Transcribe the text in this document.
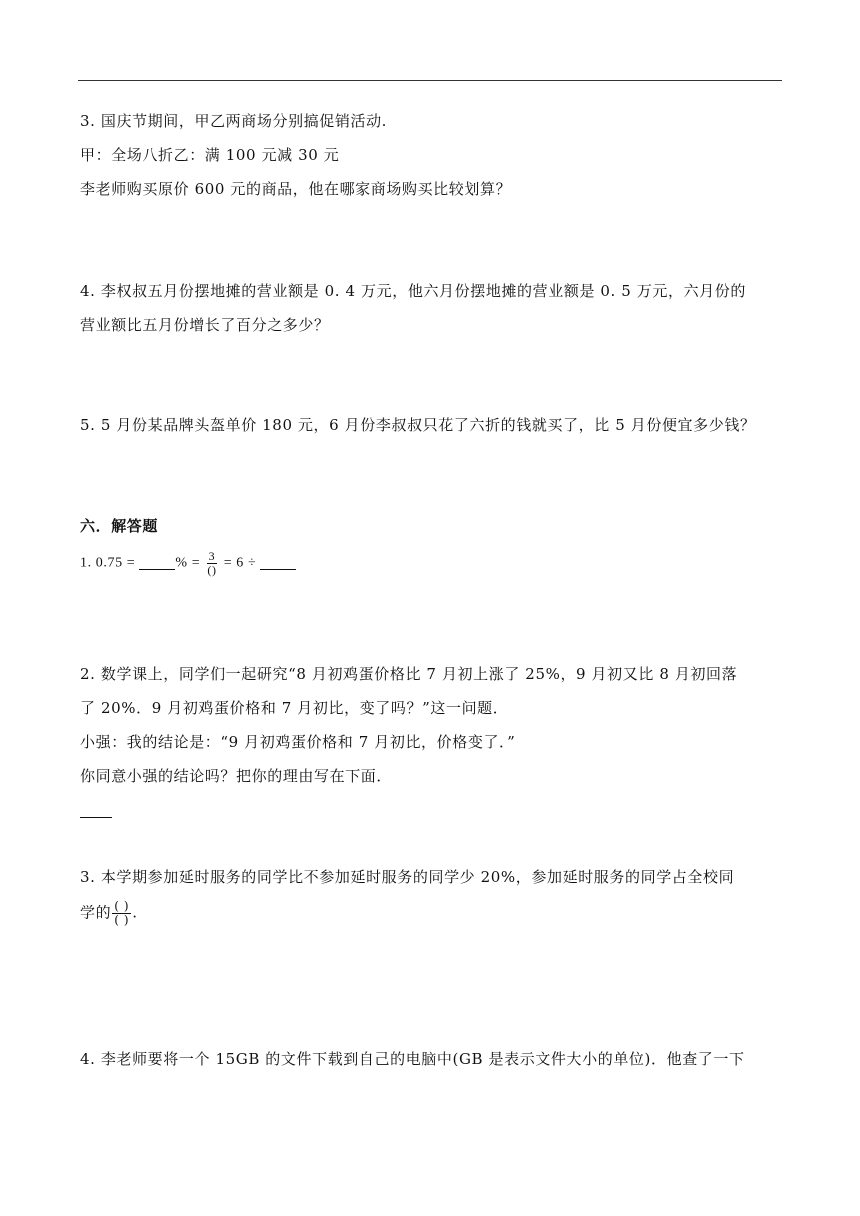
3. 国庆节期间，甲乙两商场分别搞促销活动.
甲：全场八折乙：满 100 元减 30 元
李老师购买原价 600 元的商品，他在哪家商场购买比较划算？
4. 李权叔五月份摆地摊的营业额是 0. 4 万元，他六月份摆地摊的营业额是 0. 5 万元，六月份的
营业额比五月份增长了百分之多少？
5. 5 月份某品牌头盔单价 180 元，6 月份李叔叔只花了六折的钱就买了，比 5 月份便宜多少钱？
六．解答题
1. 0.75 =	% = $\frac{3}{()} = 6$ ÷
2. 数学课上，同学们一起研究“8 月初鸡蛋价格比 7 月初上涨了 25%，9 月初又比 8 月初回落
了 20%．9 月初鸡蛋价格和 7 月初比，变了吗？”这一问题．
小强：我的结论是：“9 月初鸡蛋价格和 7 月初比，价格变了．”
你同意小强的结论吗？把你的理由写在下面．
3. 本学期参加延时服务的同学比不参加延时服务的同学少 20%，参加延时服务的同学占全校同
学的 $\frac{( )}{( )}$ .
4. 李老师要将一个 15GB 的文件下载到自己的电脑中(GB 是表示文件大小的单位)．他查了一下
